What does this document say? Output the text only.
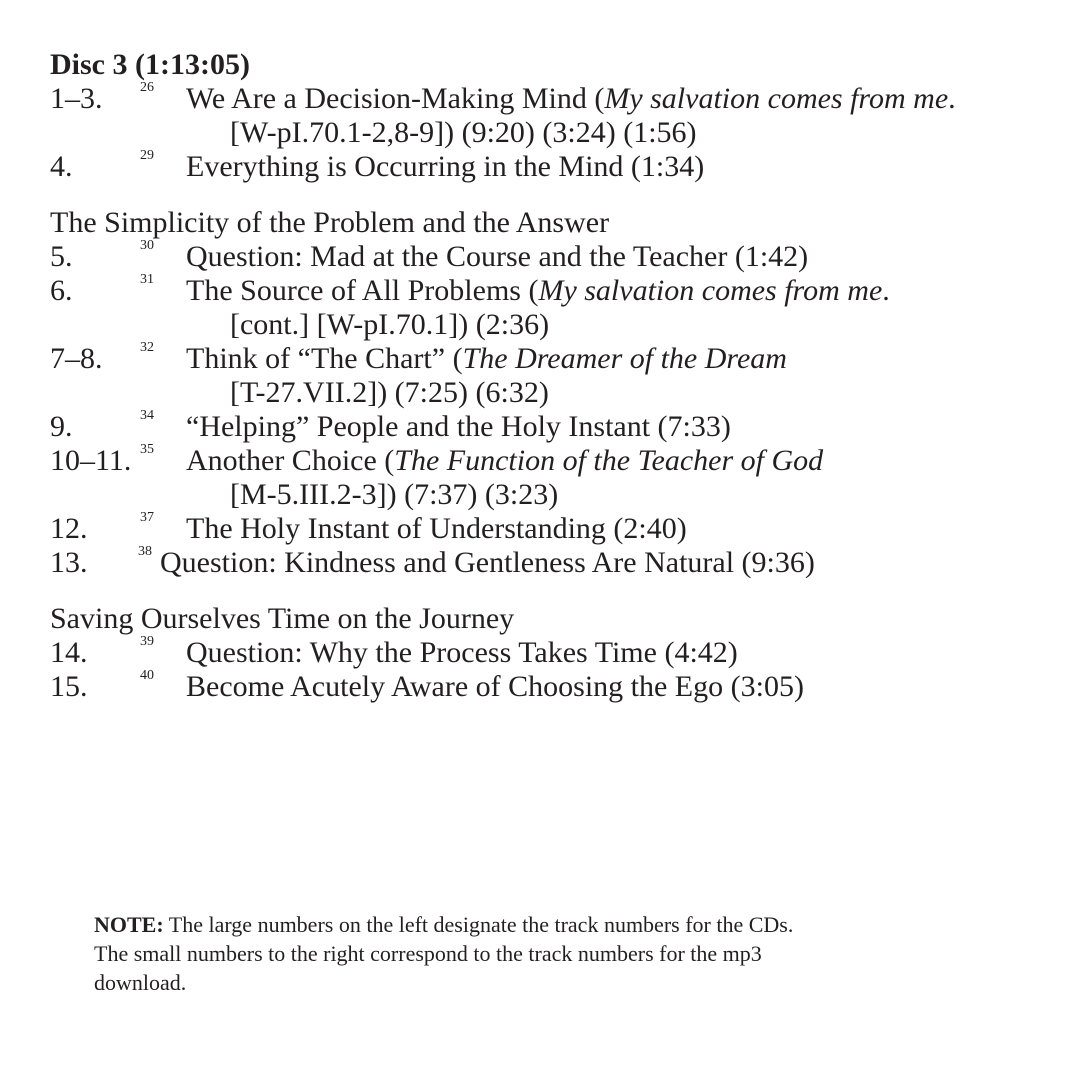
Disc 3 (1:13:05)
1–3.	26 We Are a Decision-Making Mind (My salvation comes from me.
[W-pI.70.1-2,8-9]) (9:20) (3:24) (1:56)
4.	29 Everything is Occurring in the Mind (1:34)
The Simplicity of the Problem and the Answer
5.	30 Question: Mad at the Course and the Teacher (1:42)
6.	31 The Source of All Problems (My salvation comes from me.
[cont.] [W-pI.70.1]) (2:36)
7–8.	32 Think of “The Chart” (The Dreamer of the Dream
[T-27.VII.2]) (7:25) (6:32)
9.	34 “Helping” People and the Holy Instant (7:33)
10–11. 35 Another Choice (The Function of the Teacher of God
[M-5.III.2-3]) (7:37) (3:23)
12.	37 The Holy Instant of Understanding (2:40)
13.	38 Question: Kindness and Gentleness Are Natural (9:36)
Saving Ourselves Time on the Journey
14.	39 Question: Why the Process Takes Time (4:42)
15.	40 Become Acutely Aware of Choosing the Ego (3:05)
NOTE: The large numbers on the left designate the track numbers for the CDs.
The small numbers to the right correspond to the track numbers for the mp3
download.
